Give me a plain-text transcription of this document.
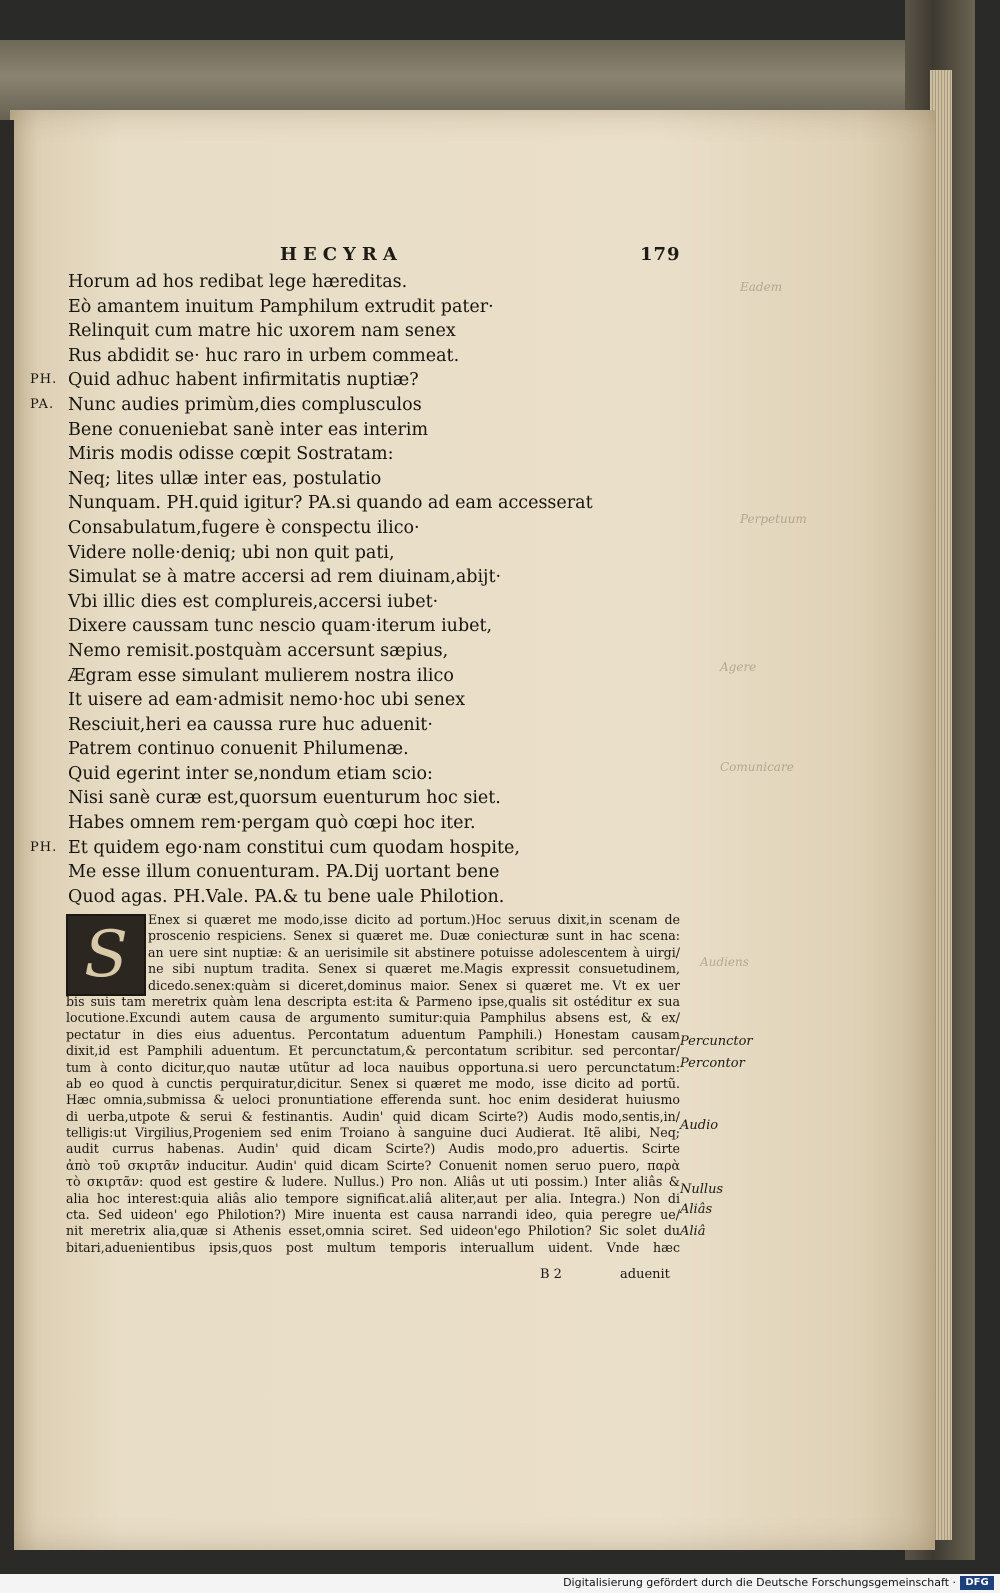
Eadem
Perpetuum
Agere
Comunicare
Audiens
HECYRA	179
Horum ad hos redibat lege hæreditas.
Eò amantem inuitum Pamphilum extrudit pater·
Relinquit cum matre hic uxorem nam senex
Rus abdidit se· huc raro in urbem commeat.
PH. Quid adhuc habent infirmitatis nuptiæ?
PA. Nunc audies primùm,dies complusculos
Bene conueniebat sanè inter eas interim
Miris modis odisse cœpit Sostratam:
Neq; lites ullæ inter eas, postulatio
Nunquam. PH.quid igitur? PA.si quando ad eam accesserat
Consabulatum,fugere è conspectu ilico·
Videre nolle·deniq; ubi non quit pati,
Simulat se à matre accersi ad rem diuinam,abijt·
Vbi illic dies est complureis,accersi iubet·
Dixere caussam tunc nescio quam·iterum iubet,
Nemo remisit.postquàm accersunt sæpius,
Ægram esse simulant mulierem nostra ilico
It uisere ad eam·admisit nemo·hoc ubi senex
Resciuit,heri ea caussa rure huc aduenit·
Patrem continuo conuenit Philumenæ.
Quid egerint inter se,nondum etiam scio:
Nisi sanè curæ est,quorsum euenturum hoc siet.
Habes omnem rem·pergam quò cœpi hoc iter.
PH. Et quidem ego·nam constitui cum quodam hospite,
Me esse illum conuenturam. PA.Dij uortant bene
Quod agas. PH.Vale. PA.& tu bene uale Philotion.
S	Enex si quæret me modo,isse dicito ad portum.)Hoc seruus dixit,in scenam de
proscenio respiciens. Senex si quæret me. Duæ coniecturæ sunt in hac scena:
an uere sint nuptiæ: & an uerisimile sit abstinere potuisse adolescentem à uirgi/
ne sibi nuptum tradita. Senex si quæret me.Magis expressit consuetudinem,
dicedo.senex:quàm si diceret,dominus maior. Senex si quæret me. Vt ex uer
bis suis tam meretrix quàm lena descripta est:ita & Parmeno ipse,qualis sit ostéditur ex sua
locutione.Excundi autem causa de argumento sumitur:quia Pamphilus absens est, & ex/
pectatur in dies eius aduentus. Percontatum aduentum Pamphili.) Honestam causam
dixit,id est Pamphili aduentum. Et percunctatum,& percontatum scribitur. sed percontar/
tum à conto dicitur,quo nautæ utũtur ad loca nauibus opportuna.si uero percunctatum:
ab eo quod à cunctis perquiratur,dicitur. Senex si quæret me modo, isse dicito ad portũ.
Hæc omnia,submissa & ueloci pronuntiatione efferenda sunt. hoc enim desiderat huiusmo
di uerba,utpote & serui & festinantis. Audin' quid dicam Scirte?) Audis modo,sentis,in/
telligis:ut Virgilius,Progeniem sed enim Troiano à sanguine duci Audierat. Itẽ alibi, Neq;
audit currus habenas. Audin' quid dicam Scirte?) Audis modo,pro aduertis. Scirte
ἀπὸ τοῦ σκιρτᾶν inducitur. Audin' quid dicam Scirte? Conuenit nomen seruo puero, παρὰ
τὸ σκιρτᾶν: quod est gestire & ludere. Nullus.) Pro non. Aliâs ut uti possim.) Inter aliâs &
alia hoc interest:quia aliâs alio tempore significat.aliâ aliter,aut per alia. Integra.) Non di
cta. Sed uideon' ego Philotion?) Mire inuenta est causa narrandi ideo, quia peregre ue/
nit meretrix alia,quæ si Athenis esset,omnia sciret. Sed uideon'ego Philotion? Sic solet du
bitari,aduenientibus ipsis,quos post multum temporis interuallum uident. Vnde hæc
Percunctor
Percontor
Audio
Nullus
Aliâs
Aliâ
B 2	aduenit
Digitalisierung gefördert durch die Deutsche Forschungsgemeinschaft · DFG
